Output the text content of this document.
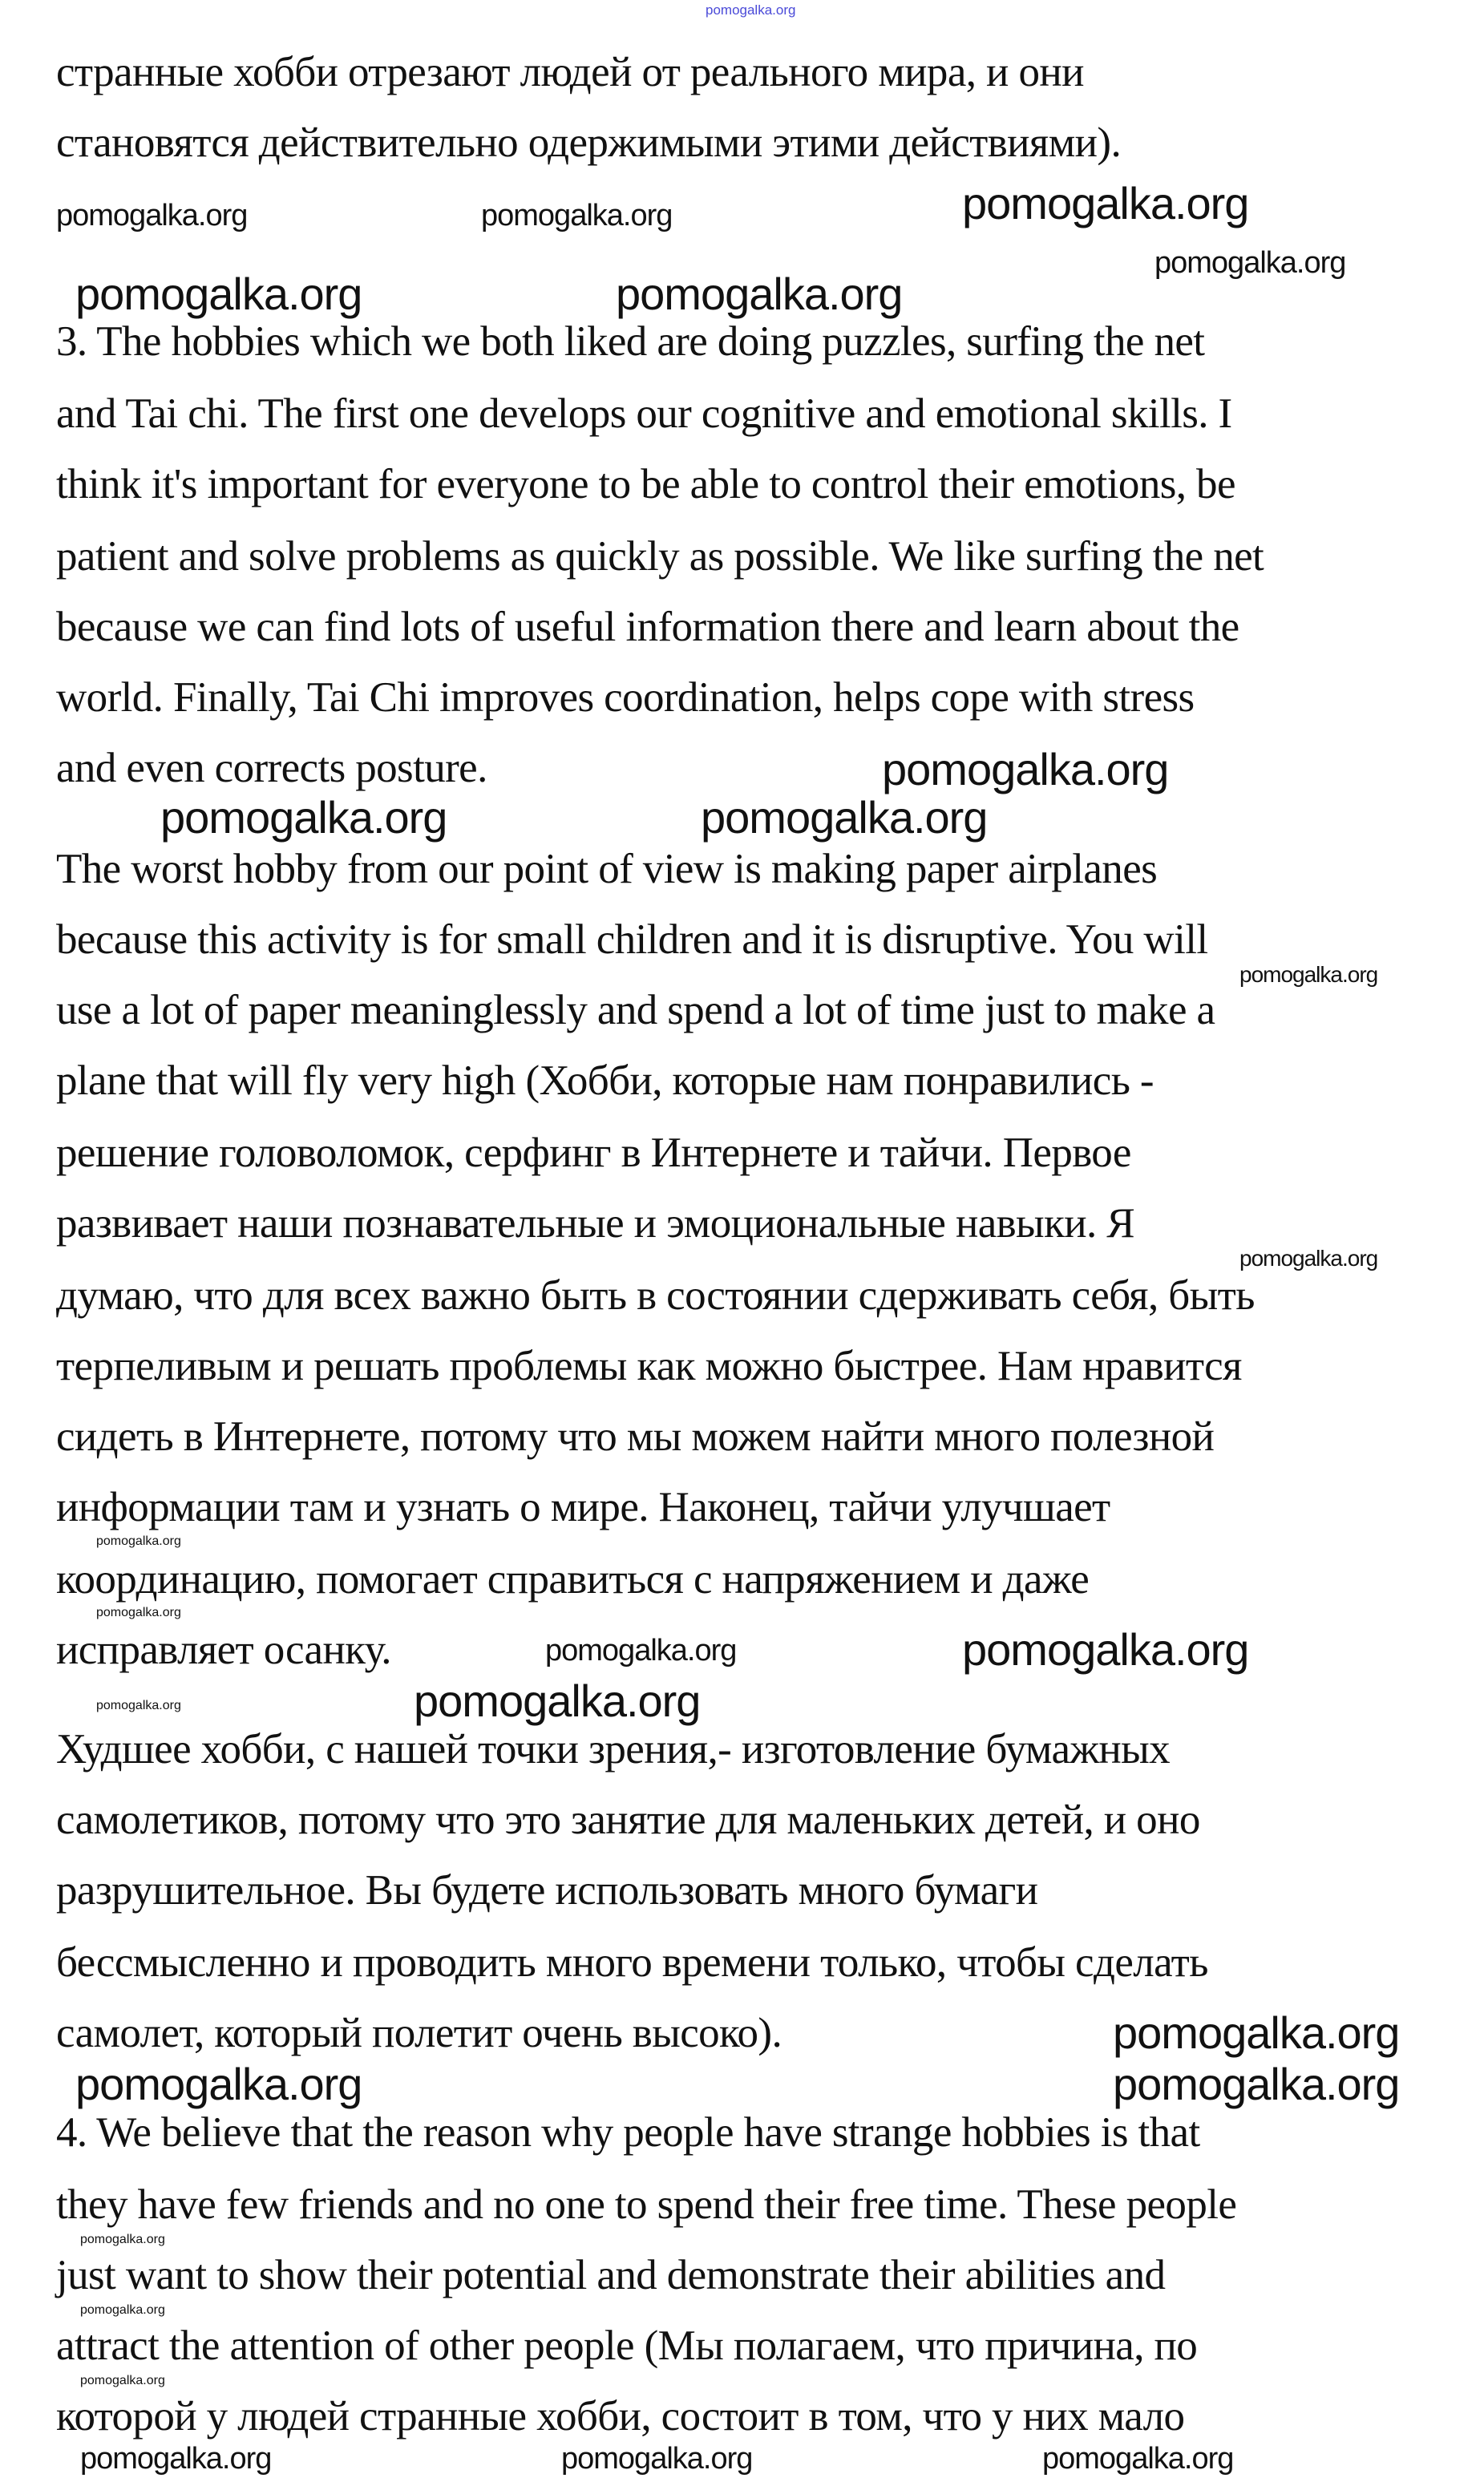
странные хобби отрезают людей от реального мира, и они
становятся действительно одержимыми этими действиями).
3. The hobbies which we both liked are doing puzzles, surfing the net
and Tai chi. The first one develops our cognitive and emotional skills. I
think it's important for everyone to be able to control their emotions, be
patient and solve problems as quickly as possible. We like surfing the net
because we can find lots of useful information there and learn about the
world. Finally, Tai Chi improves coordination, helps cope with stress
and even corrects posture.
The worst hobby from our point of view is making paper airplanes
because this activity is for small children and it is disruptive. You will
use a lot of paper meaninglessly and spend a lot of time just to make a
plane that will fly very high (Хобби, которые нам понравились -
решение головоломок, серфинг в Интернете и тайчи. Первое
развивает наши познавательные и эмоциональные навыки. Я
думаю, что для всех важно быть в состоянии сдерживать себя, быть
терпеливым и решать проблемы как можно быстрее. Нам нравится
сидеть в Интернете, потому что мы можем найти много полезной
информации там и узнать о мире. Наконец, тайчи улучшает
координацию, помогает справиться с напряжением и даже
исправляет осанку.
Худшее хобби, с нашей точки зрения,- изготовление бумажных
самолетиков, потому что это занятие для маленьких детей, и оно
разрушительное. Вы будете использовать много бумаги
бессмысленно и проводить много времени только, чтобы сделать
самолет, который полетит очень высоко).
4. We believe that the reason why people have strange hobbies is that
they have few friends and no one to spend their free time. These people
just want to show their potential and demonstrate their abilities and
attract the attention of other people (Мы полагаем, что причина, по
которой у людей странные хобби, состоит в том, что у них мало
pomogalka.org
pomogalka.org	pomogalka.org
pomogalka.org
pomogalka.org
pomogalka.org	pomogalka.org
pomogalka.org
pomogalka.org
pomogalka.org
pomogalka.org	pomogalka.org
pomogalka.org
pomogalka.org	pomogalka.org
pomogalka.org
pomogalka.org	pomogalka.org	pomogalka.org
pomogalka.org
pomogalka.org
pomogalka.org
pomogalka.org
pomogalka.org
pomogalka.org
pomogalka.org
pomogalka.org
